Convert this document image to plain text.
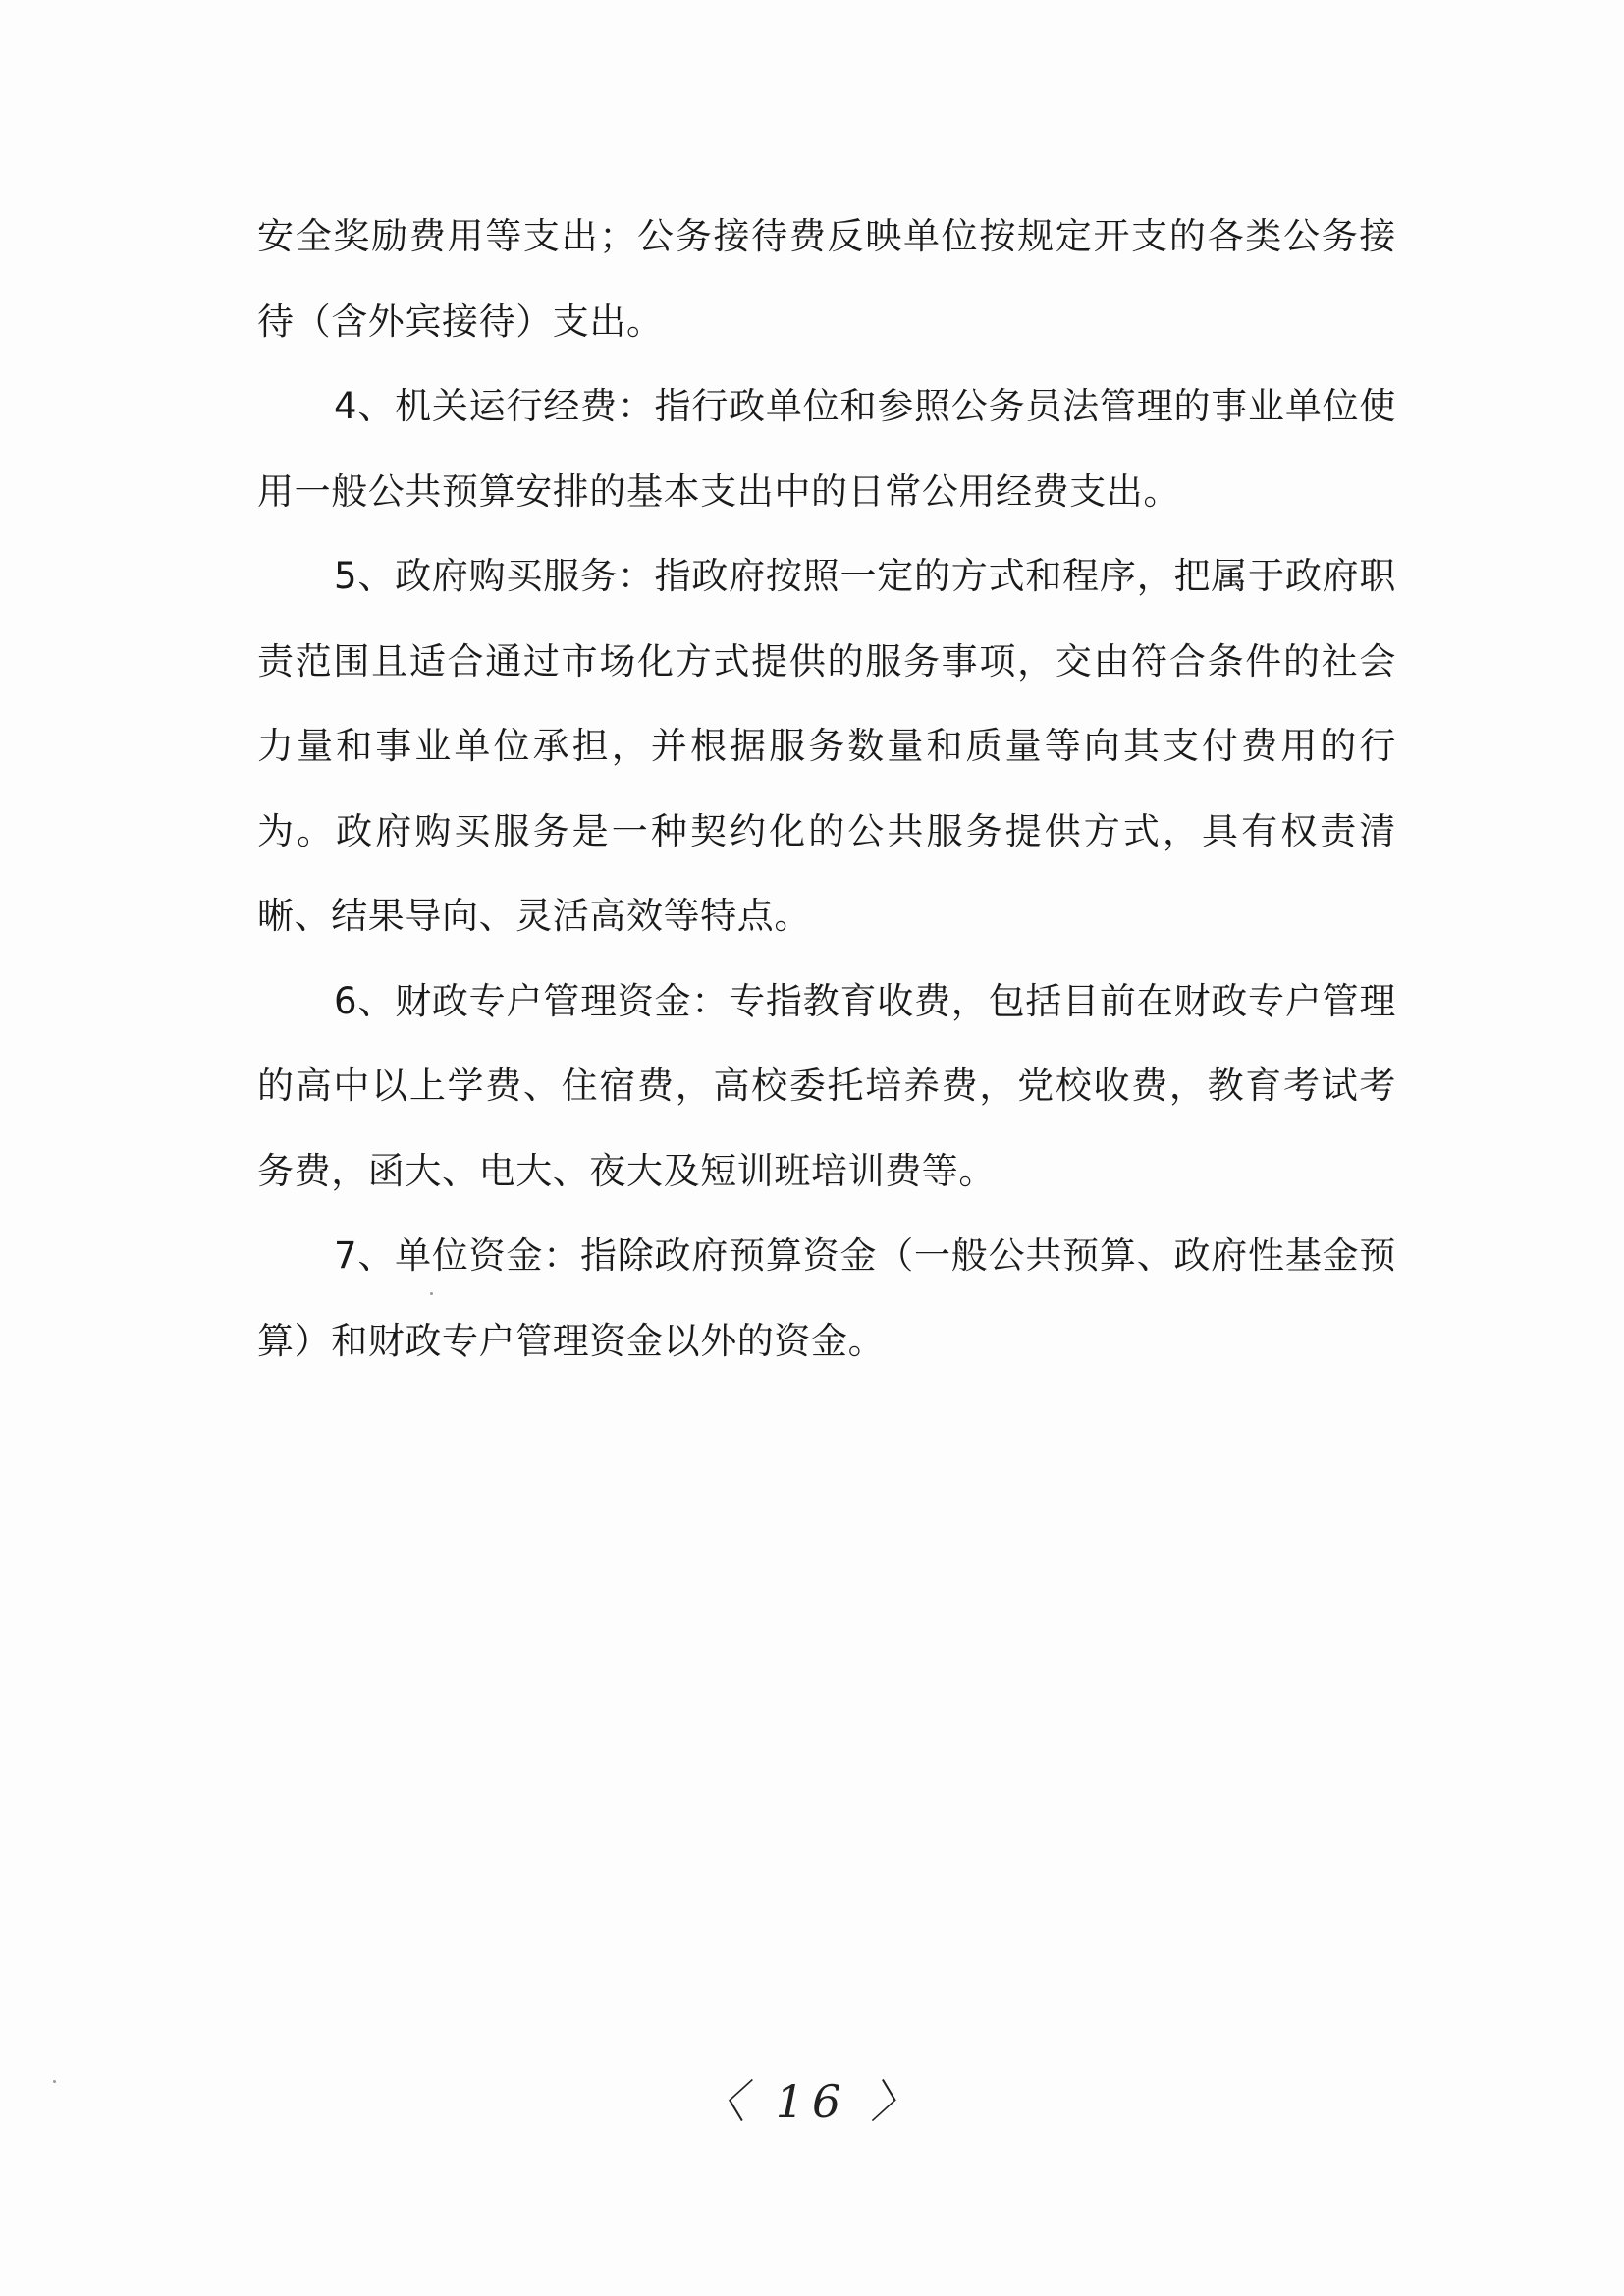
安全奖励费用等支出；公务接待费反映单位按规定开支的各类公务接待（含外宾接待）支出。

4、机关运行经费：指行政单位和参照公务员法管理的事业单位使用一般公共预算安排的基本支出中的日常公用经费支出。

5、政府购买服务：指政府按照一定的方式和程序，把属于政府职责范围且适合通过市场化方式提供的服务事项，交由符合条件的社会力量和事业单位承担，并根据服务数量和质量等向其支付费用的行为。政府购买服务是一种契约化的公共服务提供方式，具有权责清晰、结果导向、灵活高效等特点。

6、财政专户管理资金：专指教育收费，包括目前在财政专户管理的高中以上学费、住宿费，高校委托培养费，党校收费，教育考试考务费，函大、电大、夜大及短训班培训费等。

7、单位资金：指除政府预算资金（一般公共预算、政府性基金预算）和财政专户管理资金以外的资金。

〈 16 〉
